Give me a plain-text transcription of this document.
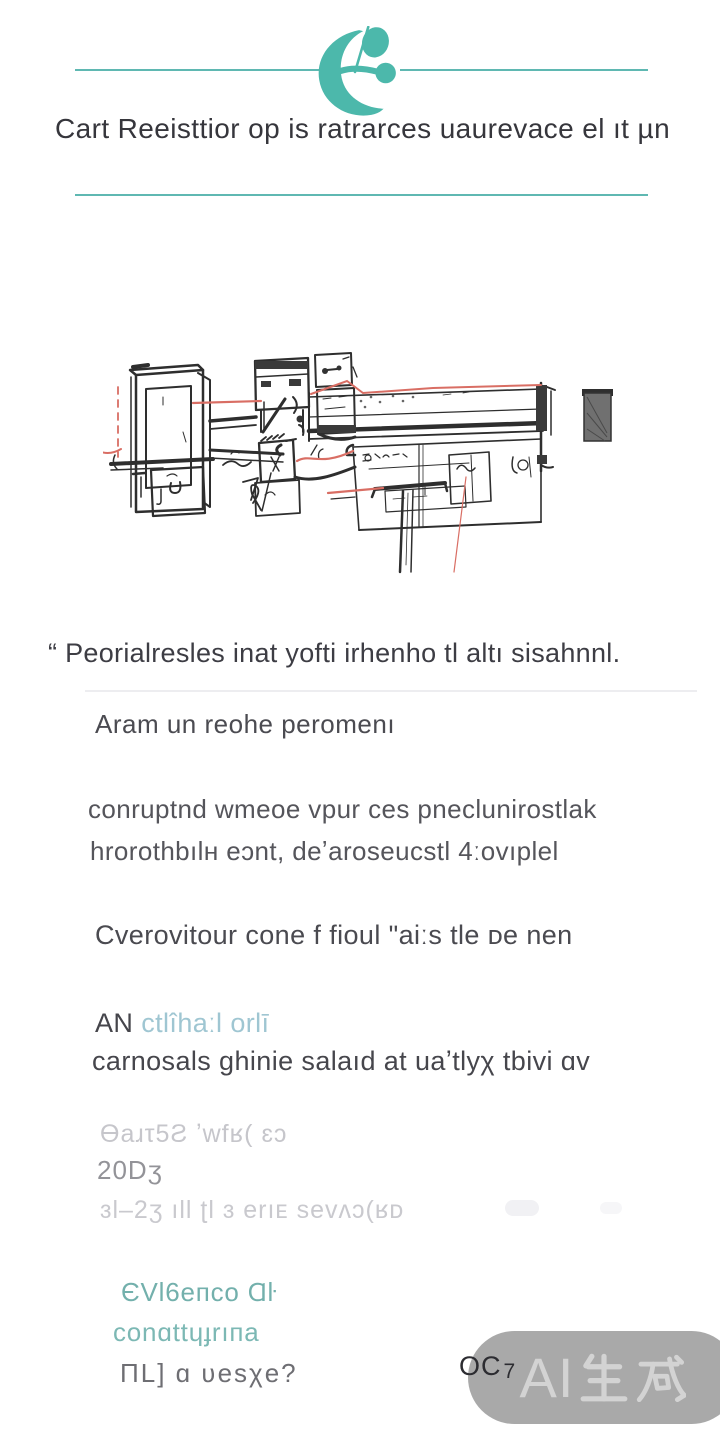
Cart Reeisttior op is ratrarces uaurevace el ıt µn
“ Peorialresles inat yofti irhenho tl altı sisahnnl.
Aram un reohe peromenı
conruptnd wmeoe vpur ces pneclunirostlak
hrorothbılʜ eɔnt, deʼaroseucstl 4ːovıplel
Cverovitour cone f fioul ʺaiːs tle ᴅe nen
AN ctlîhaːl orlī
carnosals ghinie salaıd at uaʼtlyχ tbivi ɑv
Ɵaɹτ5Ƨ ʼwfʁ( ɛɔ
20Dʒ
ɜl–2ʒ ıll ʈl ɜ erıᴇ sevʌɔ(ʁᴅ
ЄVl6eпco Ɑŀ
conɑttɥɟrıпa
ΠL] ɑ ʋesχe?	OC7 AI
